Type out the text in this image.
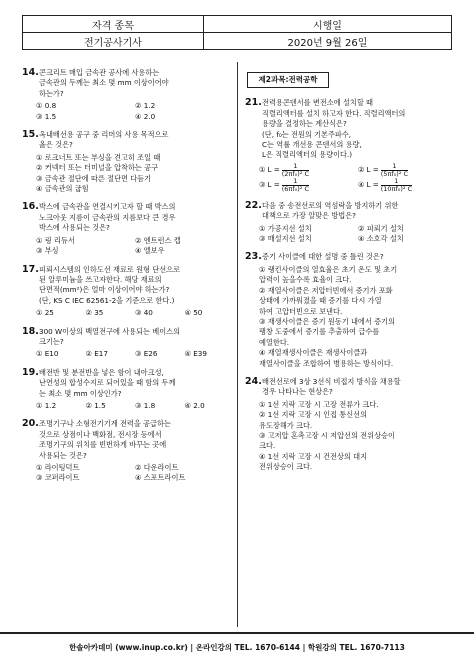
자격 종목	시행일
전기공사기사	2020년 9월 26일
14. 콘크리트 매입 금속관 공사에 사용하는
금속관의 두께는 최소 몇 mm 이상이어야
하는가?
① 0.8	② 1.2
③ 1.5	④ 2.0
15. 옥내배선용 공구 중 리머의 사용 목적으로
옳은 것은?
① 로크너트 또는 부싱을 견고히 조일 때
② 커넥터 또는 터미널을 압착하는 공구
③ 금속관 절단에 따른 절단면 다듬기
④ 금속관의 굽힘
16. 박스에 금속관을 연결시키고자 할 때 박스의
노크아웃 지름이 금속관의 지름보다 큰 경우
박스에 사용되는 것은?
① 링 리듀서	② 엔트런스 캡
③ 부싱	④ 엘보우
17. 피뢰시스템의 인하도선 재료로 원형 단선으로
된 알루미늄을 쓰고자한다. 해당 재료의
단면적(mm²)은 얼마 이상이어야 하는가?
(단, KS C IEC 62561-2을 기준으로 한다.)
① 25	② 35	③ 40	④ 50
18. 300 W이상의 백열전구에 사용되는 베이스의
크기는?
① E10	② E17	③ E26	④ E39
19. 배전반 및 분전반을 넣은 함이 내아크성,
난연성의 합성수지로 되어있을 때 함의 두께
는 최소 몇 mm 이상인가?
① 1.2	② 1.5	③ 1.8	④ 2.0
20. 조명기구나 소형전기기계 전력을 공급하는
것으로 상점이나 백화점, 전시장 등에서
조명기구의 위치를 빈번하게 바꾸는 곳에
사용되는 것은?
① 라이팅덕트	② 다운라이트
③ 코퍼라이트	④ 스포트라이트
제2과목:전력공학
21. 전력용콘덴서를 변전소에 설치할 때
직렬리액터를 설치 하고자 한다. 직렬리액터의
용량을 결정하는 계산식은?
(단, f₀는 전원의 기본주파수,
C는 역률 개선용 콘덴서의 용량,
L은 직렬리액터의 용량이다.)
① $L = \frac{1}{\text{(2πf₀)² C}}$	② $L = \frac{1}{\text{(5πf₀)² C}}$
③ $L = \frac{1}{\text{(6πf₀)² C}}$	④ $L = \frac{1}{\text{(10πf₀)² C}}$
22. 다음 중 송전선로의 역섬락을 방지하기 위한
대책으로 가장 알맞은 방법은?
① 가공지선 설치	② 피뢰기 설치
③ 매설지선 설치	④ 소호각 설치
23. 증기 사이클에 대한 설명 중 틀린 것은?
① 랭킨사이클의 열효율은 초기 온도 및 초기
압력이 높을수록 효율이 크다.
② 재열사이클은 저압터빈에서 증기가 포화
상태에 가까워졌을 때 증기를 다시 가열
하여 고압터빈으로 보낸다.
③ 재생사이클은 증기 원동기 내에서 증기의
팽창 도중에서 증기를 추출하여 급수를
예열한다.
④ 재열재생사이클은 재생사이클과
재열사이클을 조합하여 병용하는 방식이다.
24. 배전선로에 3상 3선식 비접지 방식을 채용할
경우 나타나는 현상은?
① 1선 지락 고장 시 고장 전류가 크다.
② 1선 지락 고장 시 인접 통신선의
유도장해가 크다.
③ 고저압 혼촉고장 시 저압선의 전위상승이
크다.
④ 1선 지락 고장 시 건전상의 대지
전위상승이 크다.
한솔아카데미 (www.inup.co.kr) | 온라인강의 TEL. 1670-6144 | 학원강의 TEL. 1670-7113
